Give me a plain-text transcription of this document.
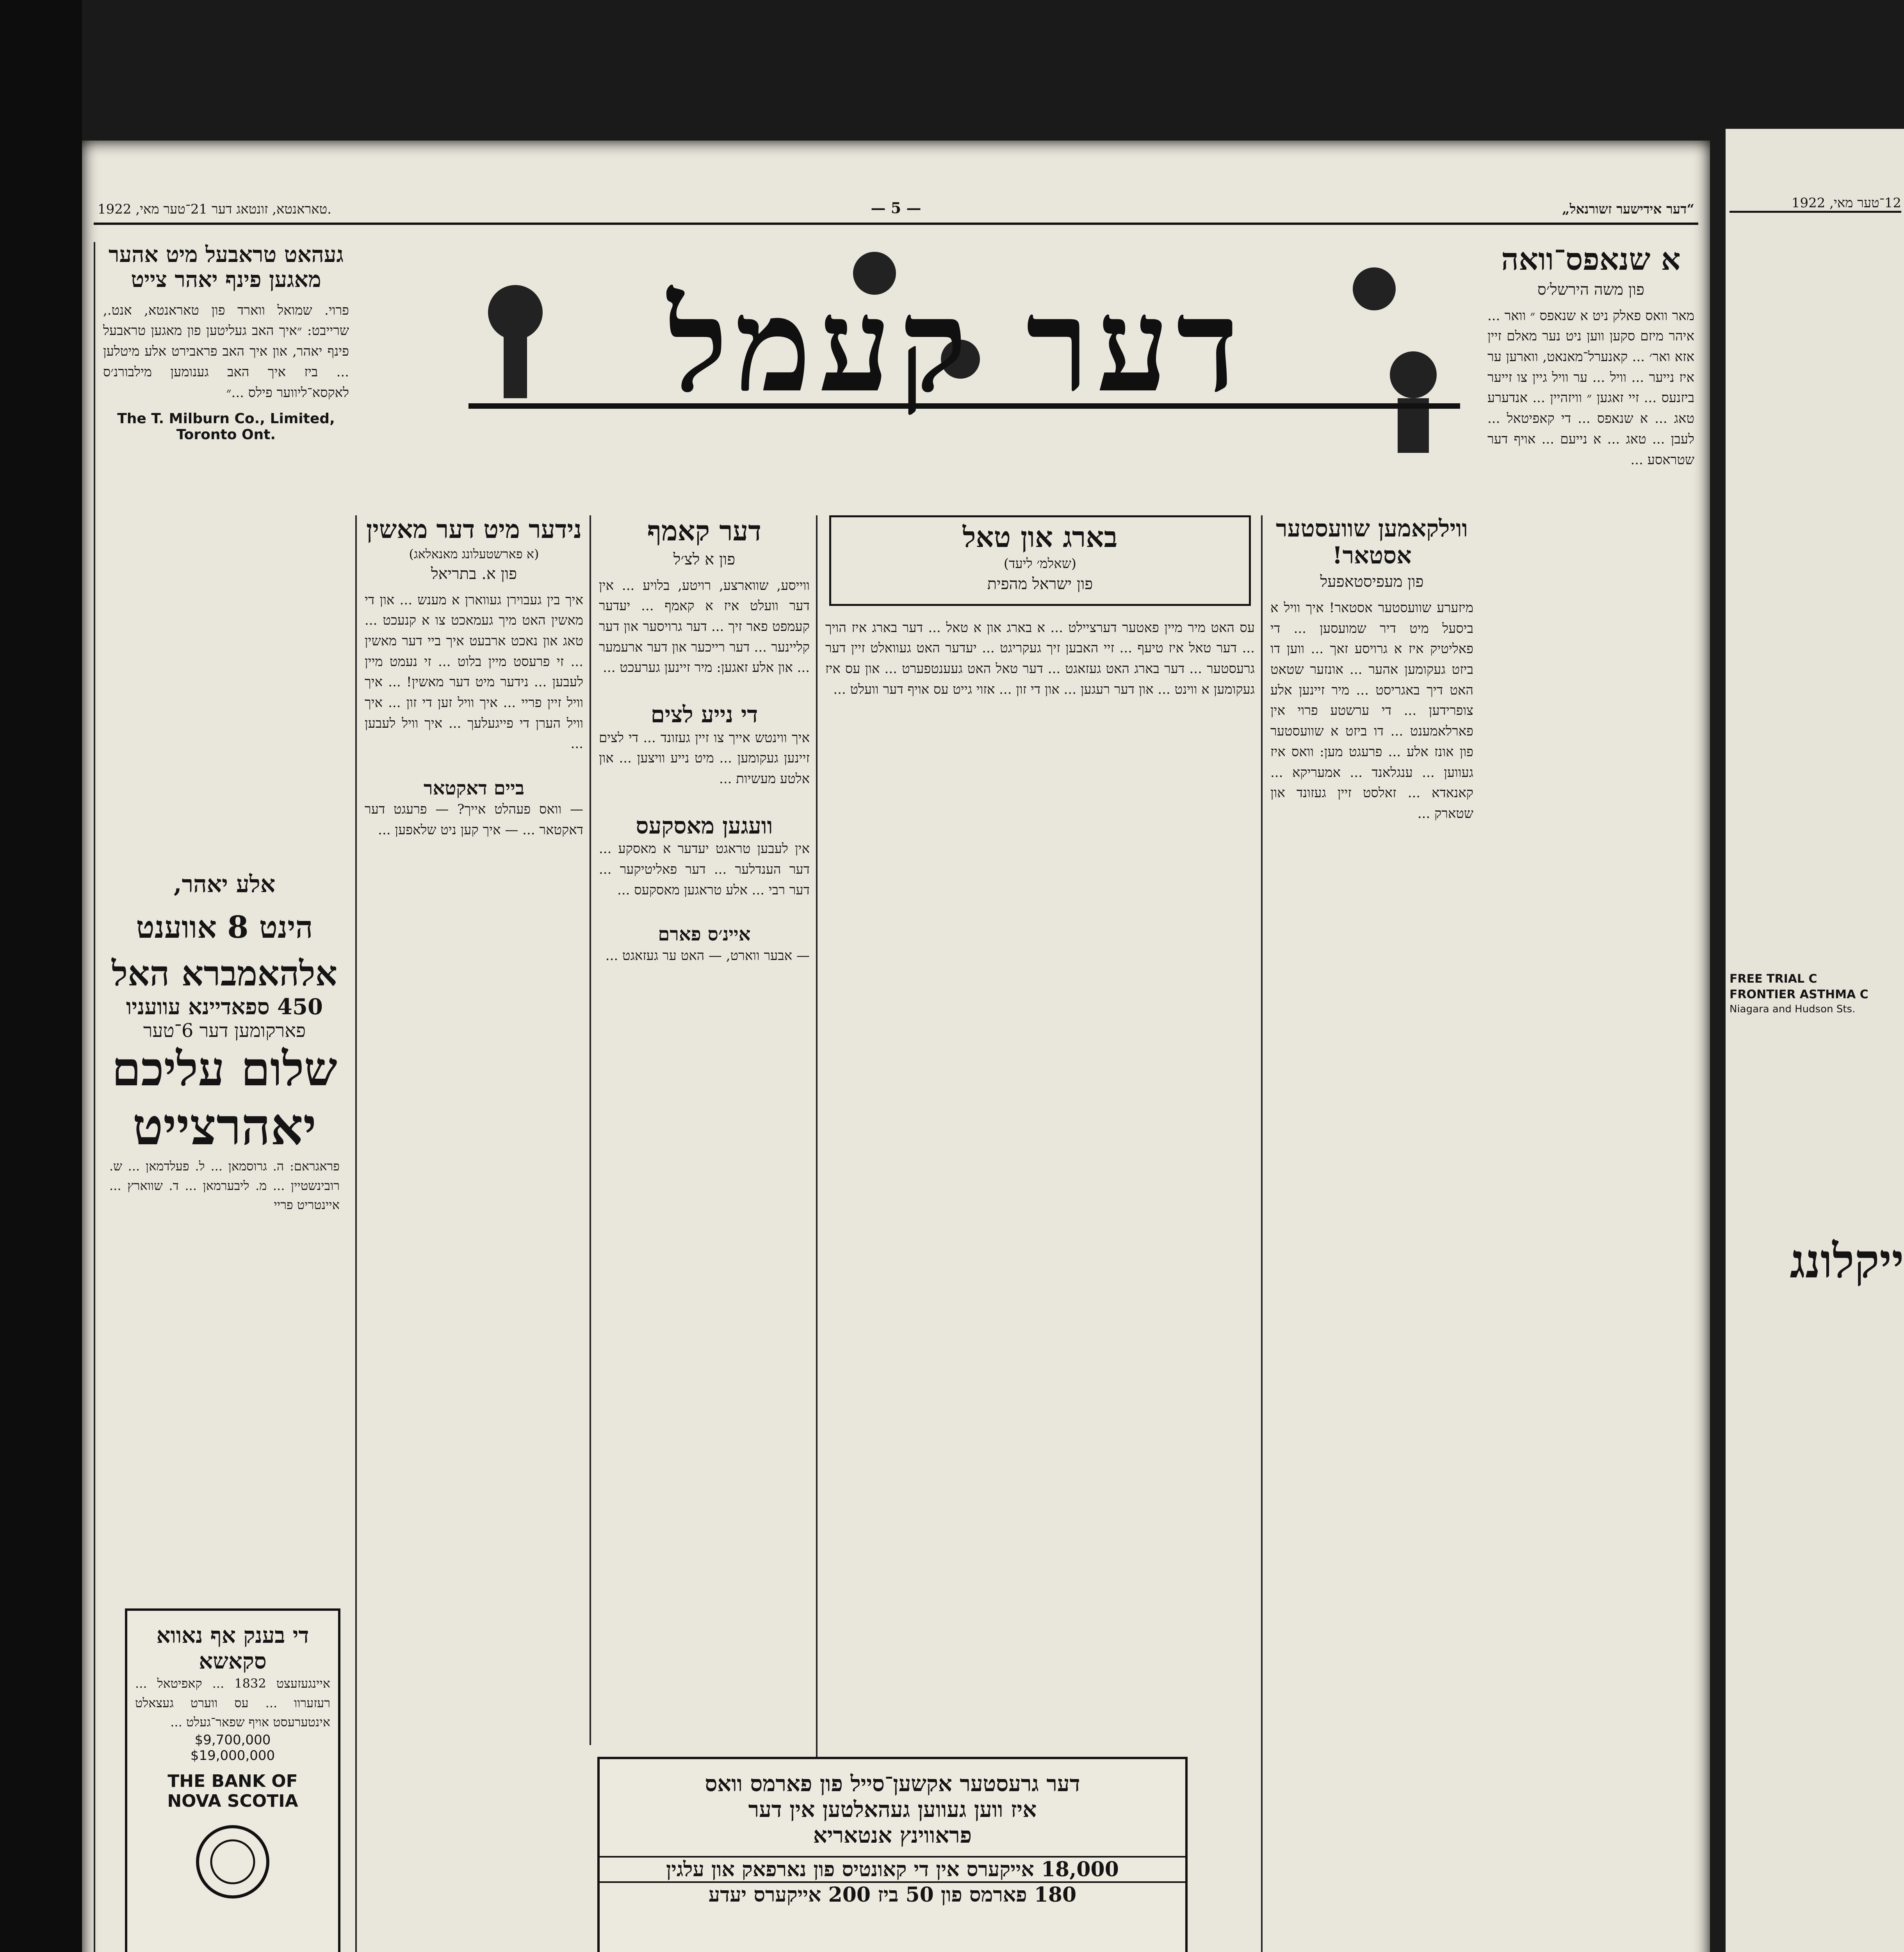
טאראנטא, זונטאג דער 21־טער מאי, 1922.	— 5 —	„דער אידישער זשורנאל“
דער קעמל
א שנאפס־וואה
פון משה הירשל׳ס

מאר וואס פאלק ניט א שנאפס ״ וואר ... איהר מיזם סקען ווען ניט נער מאלם זיין אזא ואר׳ ... קאנערל־מאנאט, ווארען ער איז נייער ... וויל ... ער וויל גיין צו זייער ביזנעס ... זיי זאגען ״ וויזהיין ... אנדערע טאג ... א שנאפס ... די קאפיטאל ... לעבן ... טאג ... א נייעם ... אויף דער שטראסע ...

ווילקאמען שוועסטער אסטאר!
פון מעפיסטאפעל

מיזערע שוועסטער אסטאר! איך וויל א ביסעל מיט דיר שמועסען ... די פאליטיק איז א גרויסע זאך ... ווען דו ביזט געקומען אהער ... אונזער שטאט האט דיך באגריסט ... מיר זיינען אלע צופרידען ... די ערשטע פרוי אין פארלאמענט ... דו ביזט א שוועסטער פון אונז אלע ... פרעגט מען: וואס איז געווען ... ענגלאנד ... אמעריקא ... קאנאדא ... זאלסט זיין געזונד און שטארק ...

בארג און טאל
(שאלמ׳ ליעד)
פון ישראל מהפית

עס האט מיר מיין פאטער דערציילט ... א בארג און א טאל ... דער בארג איז הויך ... דער טאל איז טיעף ... זיי האבען זיך געקריגט ... יעדער האט געוואלט זיין דער גרעסטער ... דער בארג האט געזאגט ... דער טאל האט געענטפערט ... און עס איז געקומען א ווינט ... און דער רעגען ... און די זון ... אזוי גייט עס אויף דער וועלט ...

דער קאמף
פון א לצ׳ל

ווייסע, שווארצע, רויטע, בלויע ... אין דער וועלט איז א קאמף ... יעדער קעמפט פאר זיך ... דער גרויסער און דער קליינער ... דער רייכער און דער ארעמער ... און אלע זאגען: מיר זיינען גערעכט ...

די נייע לצים

איך ווינטש אייך צו זיין געזונד ... די לצים זיינען געקומען ... מיט נייע וויצען ... און אלטע מעשיות ...

וועגען מאסקעס

אין לעבען טראגט יעדער א מאסקע ... דער הענדלער ... דער פאליטיקער ... דער רבי ... אלע טראגען מאסקעס ...

איינ׳ס פארם

— אבער ווארט, — האט ער געזאגט ...

נידער מיט דער מאשין
(א פארשטעלונג מאנאלאג)
פון א. בתריאל

איך בין געבוירן געווארן א מענש ... און די מאשין האט מיך געמאכט צו א קנעכט ... טאג און נאכט ארבעט איך ביי דער מאשין ... זי פרעסט מיין בלוט ... זי נעמט מיין לעבען ... נידער מיט דער מאשין! ... איך וויל זיין פריי ... איך וויל זען די זון ... איך וויל הערן די פייגעלעך ... איך וויל לעבען ...

ביים דאקטאר

— וואס פעהלט אייך? — פרעגט דער דאקטאר ... — איך קען ניט שלאפען ...

געהאט טראבעל מיט אהער מאגען פינף יאהר צייט

פרוי. שמואל ווארד פון טאראנטא, אנט., שרייבט: ״איך האב געליטען פון מאגען טראבעל פינף יאהר, און איך האב פראבירט אלע מיטלען ... ביז איך האב גענומען מילבורנ׳ס לאקסא־ליווער פילס ...״

The T. Milburn Co., Limited, Toronto Ont.
אלע יאהר,
הינט 8 אווענט
אלהאמברא האל
450 ספאדיינא עוועניו
פארקומען דער 6־טער
שלום עליכם
יאהרצייט

פראגראם: ה. גרוסמאן ... ל. פעלדמאן ... ש. רובינשטיין ... מ. ליבערמאן ... ד. שווארץ ... איינטריט פריי

די בענק אף נאווא סקאשא

איינגעזעצט 1832 ... קאפיטאל ... רעזערוו ... עס ווערט געצאלט אינטערעסט אויף שפאר־געלט ...

$9,700,000
$19,000,000
THE BANK OF
NOVA SCOTIA
דער גרעסטער אקשען־סייל פון פארמס וואס
איז ווען געווען געהאלטען אין דער
פראווינץ אנטאריא
18,000 אייקערס אין די קאונטיס פון נארפאק און עלגין
180 פארמס פון 50 ביז 200 אייקערס יעדע
12־טער מאי, 1922
FREE TRIAL C
FRONTIER ASTHMA C
Niagara and Hudson Sts.
ייקלונג
